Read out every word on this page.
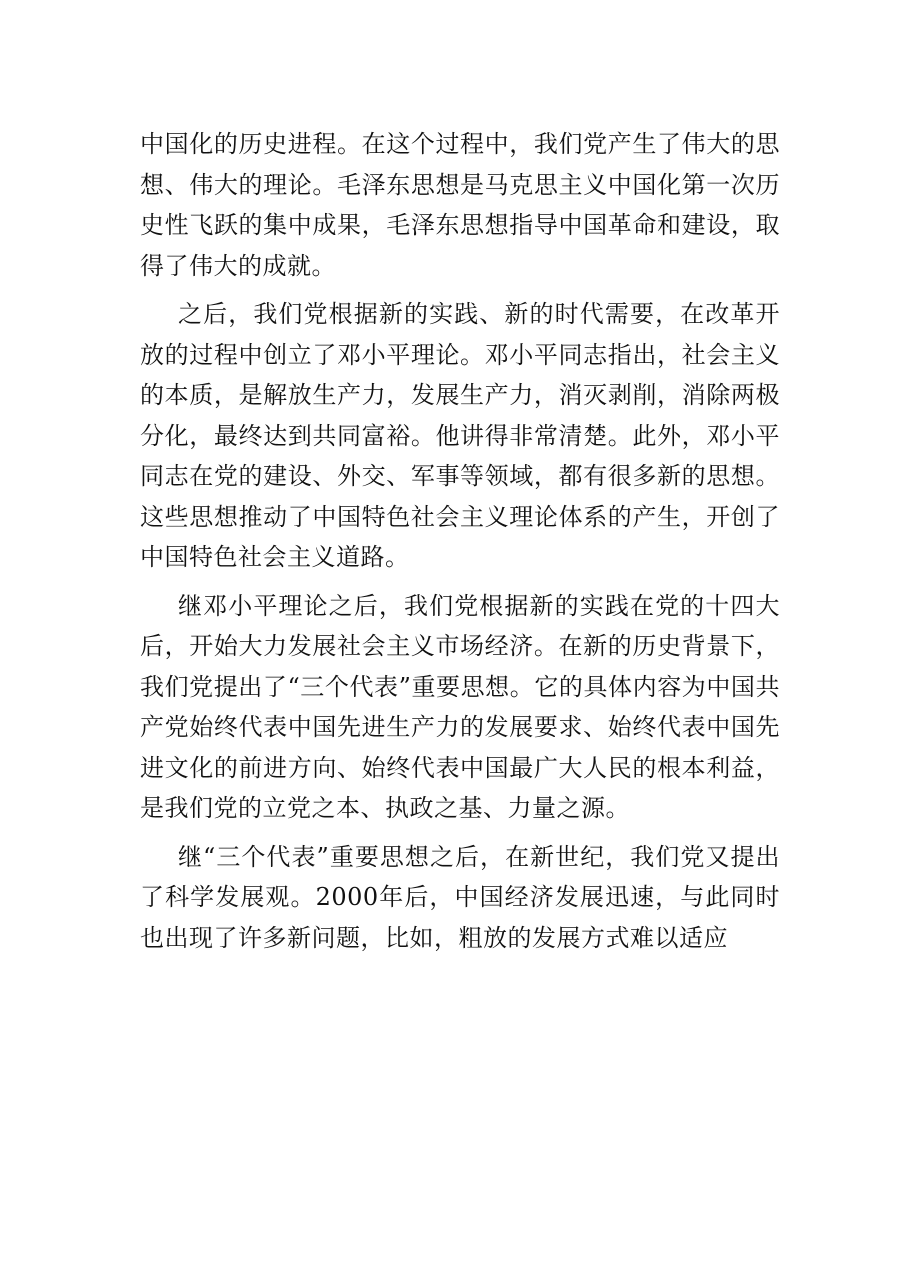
中国化的历史进程。在这个过程中，我们党产生了伟大的思想、伟大的理论。毛泽东思想是马克思主义中国化第一次历史性飞跃的集中成果，毛泽东思想指导中国革命和建设，取得了伟大的成就。

之后，我们党根据新的实践、新的时代需要，在改革开放的过程中创立了邓小平理论。邓小平同志指出，社会主义的本质，是解放生产力，发展生产力，消灭剥削，消除两极分化，最终达到共同富裕。他讲得非常清楚。此外，邓小平同志在党的建设、外交、军事等领域，都有很多新的思想。这些思想推动了中国特色社会主义理论体系的产生，开创了中国特色社会主义道路。

继邓小平理论之后，我们党根据新的实践在党的十四大后，开始大力发展社会主义市场经济。在新的历史背景下，我们党提出了“三个代表”重要思想。它的具体内容为中国共产党始终代表中国先进生产力的发展要求、始终代表中国先进文化的前进方向、始终代表中国最广大人民的根本利益，是我们党的立党之本、执政之基、力量之源。

继“三个代表”重要思想之后，在新世纪，我们党又提出了科学发展观。2000年后，中国经济发展迅速，与此同时也出现了许多新问题，比如，粗放的发展方式难以适应
